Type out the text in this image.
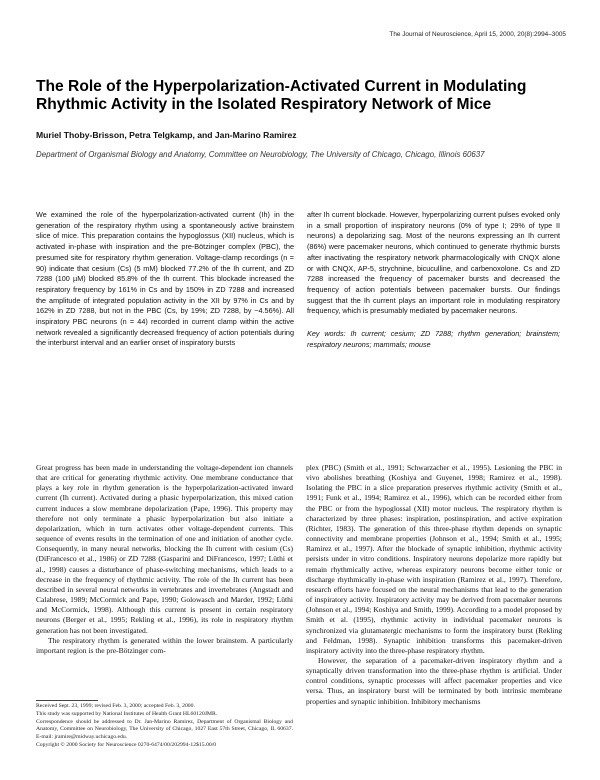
The Journal of Neuroscience, April 15, 2000, 20(8):2994–3005
The Role of the Hyperpolarization-Activated Current in Modulating Rhythmic Activity in the Isolated Respiratory Network of Mice
Muriel Thoby-Brisson, Petra Telgkamp, and Jan-Marino Ramirez
Department of Organismal Biology and Anatomy, Committee on Neurobiology, The University of Chicago, Chicago, Illinois 60637
We examined the role of the hyperpolarization-activated current (Ih) in the generation of the respiratory rhythm using a spontaneously active brainstem slice of mice. This preparation contains the hypoglossus (XII) nucleus, which is activated in-phase with inspiration and the pre-Bötzinger complex (PBC), the presumed site for respiratory rhythm generation. Voltage-clamp recordings (n = 90) indicate that cesium (Cs) (5 mM) blocked 77.2% of the Ih current, and ZD 7288 (100 µM) blocked 85.8% of the Ih current. This blockade increased the respiratory frequency by 161% in Cs and by 150% in ZD 7288 and increased the amplitude of integrated population activity in the XII by 97% in Cs and by 162% in ZD 7288, but not in the PBC (Cs, by 19%; ZD 7288, by −4.56%). All inspiratory PBC neurons (n = 44) recorded in current clamp within the active network revealed a significantly decreased frequency of action potentials during the interburst interval and an earlier onset of inspiratory bursts
after Ih current blockade. However, hyperpolarizing current pulses evoked only in a small proportion of inspiratory neurons (0% of type I; 29% of type II neurons) a depolarizing sag. Most of the neurons expressing an Ih current (86%) were pacemaker neurons, which continued to generate rhythmic bursts after inactivating the respiratory network pharmacologically with CNQX alone or with CNQX, AP-5, strychnine, bicuculline, and carbenoxolone. Cs and ZD 7288 increased the frequency of pacemaker bursts and decreased the frequency of action potentials between pacemaker bursts. Our findings suggest that the Ih current plays an important role in modulating respiratory frequency, which is presumably mediated by pacemaker neurons.
Key words: Ih current; cesium; ZD 7288; rhythm generation; brainstem; respiratory neurons; mammals; mouse

Great progress has been made in understanding the voltage-dependent ion channels that are critical for generating rhythmic activity. One membrane conductance that plays a key role in rhythm generation is the hyperpolarization-activated inward current (Ih current). Activated during a phasic hyperpolarization, this mixed cation current induces a slow membrane depolarization (Pape, 1996). This property may therefore not only terminate a phasic hyperpolarization but also initiate a depolarization, which in turn activates other voltage-dependent currents. This sequence of events results in the termination of one and initiation of another cycle. Consequently, in many neural networks, blocking the Ih current with cesium (Cs) (DiFrancesco et al., 1986) or ZD 7288 (Gasparini and DiFrancesco, 1997; Lüthi et al., 1998) causes a disturbance of phase-switching mechanisms, which leads to a decrease in the frequency of rhythmic activity. The role of the Ih current has been described in several neural networks in vertebrates and invertebrates (Angstadt and Calabrese, 1989; McCormick and Pape, 1990; Golowasch and Marder, 1992; Lüthi and McCormick, 1998). Although this current is present in certain respiratory neurons (Berger et al., 1995; Rekling et al., 1996), its role in respiratory rhythm generation has not been investigated.

The respiratory rhythm is generated within the lower brainstem. A particularly important region is the pre-Bötzinger com-

plex (PBC) (Smith et al., 1991; Schwarzacher et al., 1995). Lesioning the PBC in vivo abolishes breathing (Koshiya and Guyenet, 1998; Ramirez et al., 1998). Isolating the PBC in a slice preparation preserves rhythmic activity (Smith et al., 1991; Funk et al., 1994; Ramirez et al., 1996), which can be recorded either from the PBC or from the hypoglossal (XII) motor nucleus. The respiratory rhythm is characterized by three phases: inspiration, postinspiration, and active expiration (Richter, 1983). The generation of this three-phase rhythm depends on synaptic connectivity and membrane properties (Johnson et al., 1994; Smith et al., 1995; Ramirez et al., 1997). After the blockade of synaptic inhibition, rhythmic activity persists under in vitro conditions. Inspiratory neurons depolarize more rapidly but remain rhythmically active, whereas expiratory neurons become either tonic or discharge rhythmically in-phase with inspiration (Ramirez et al., 1997). Therefore, research efforts have focused on the neural mechanisms that lead to the generation of inspiratory activity. Inspiratory activity may be derived from pacemaker neurons (Johnson et al., 1994; Koshiya and Smith, 1999). According to a model proposed by Smith et al. (1995), rhythmic activity in individual pacemaker neurons is synchronized via glutamatergic mechanisms to form the inspiratory burst (Rekling and Feldman, 1998). Synaptic inhibition transforms this pacemaker-driven inspiratory activity into the three-phase respiratory rhythm.

However, the separation of a pacemaker-driven inspiratory rhythm and a synaptically driven transformation into the three-phase rhythm is artificial. Under control conditions, synaptic processes will affect pacemaker properties and vice versa. Thus, an inspiratory burst will be terminated by both intrinsic membrane properties and synaptic inhibition. Inhibitory mechanisms

Received Sept. 23, 1999; revised Feb. 3, 2000; accepted Feb. 3, 2000.

This study was supported by National Institutes of Health Grant HL60120JMR.

Correspondence should be addressed to Dr. Jan-Marino Ramirez, Department of Organismal Biology and Anatomy, Committee on Neurobiology, The University of Chicago, 1027 East 57th Street, Chicago, IL 60637. E-mail: jramire@midway.uchicago.edu.

Copyright © 2000 Society for Neuroscience 0270-6474/00/202994-12$15.00/0
